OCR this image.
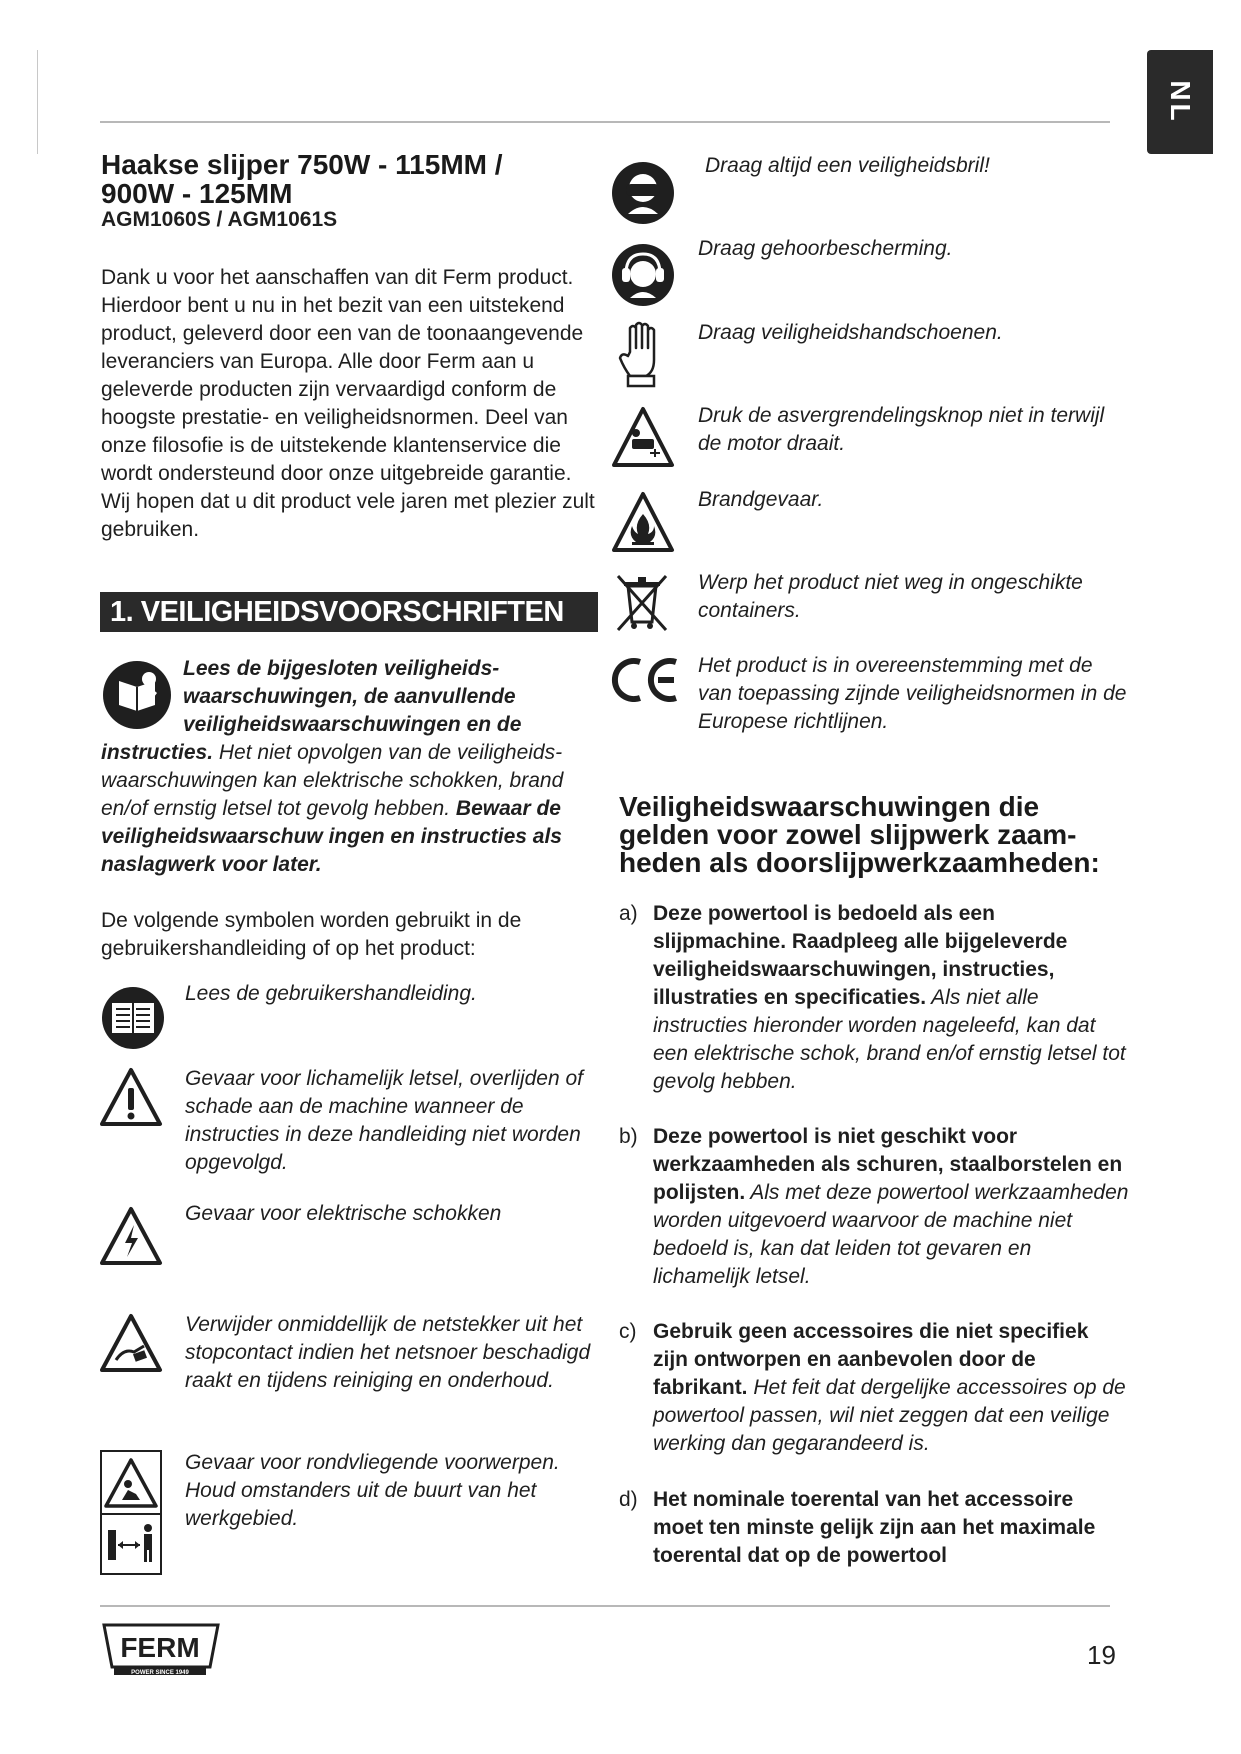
NL
Haakse slijper 750W - 115MM / 900W - 125MM

AGM1060S / AGM1061S

Dank u voor het aanschaffen van dit Ferm product. Hierdoor bent u nu in het bezit van een uitstekend product, geleverd door een van de toonaangevende leveranciers van Europa. Alle door Ferm aan u geleverde producten zijn vervaardigd conform de hoogste prestatie- en veiligheidsnormen. Deel van onze filosofie is de uitstekende klantenservice die wordt ondersteund door onze uitgebreide garantie. Wij hopen dat u dit product vele jaren met plezier zult gebruiken.

1. VEILIGHEIDSVOORSCHRIFTEN

Lees de bijgesloten veiligheids-waarschuwingen, de aanvullende veiligheidswaarschuwingen en de instructies. Het niet opvolgen van de veiligheids-waarschuwingen kan elektrische schokken, brand en/of ernstig letsel tot gevolg hebben. Bewaar de veiligheidswaarschuw ingen en instructies als naslagwerk voor later.

De volgende symbolen worden gebruikt in de gebruikershandleiding of op het product:

Lees de gebruikershandleiding.

Gevaar voor lichamelijk letsel, overlijden of schade aan de machine wanneer de instructies in deze handleiding niet worden opgevolgd.

Gevaar voor elektrische schokken

Verwijder onmiddellijk de netstekker uit het stopcontact indien het netsnoer beschadigd raakt en tijdens reiniging en onderhoud.

Gevaar voor rondvliegende voorwerpen. Houd omstanders uit de buurt van het werkgebied.

Draag altijd een veiligheidsbril!

Draag gehoorbescherming.

Draag veiligheidshandschoenen.

Druk de asvergrendelingsknop niet in terwijl de motor draait.

Brandgevaar.

Werp het product niet weg in ongeschikte containers.

Het product is in overeenstemming met de van toepassing zijnde veiligheidsnormen in de Europese richtlijnen.

Veiligheidswaarschuwingen die gelden voor zowel slijpwerk zaam-heden als doorslijpwerkzaamheden:
a) Deze powertool is bedoeld als een slijpmachine. Raadpleeg alle bijgeleverde veiligheidswaarschuwingen, instructies, illustraties en specificaties. Als niet alle instructies hieronder worden nageleefd, kan dat een elektrische schok, brand en/of ernstig letsel tot gevolg hebben.

b) Deze powertool is niet geschikt voor werkzaamheden als schuren, staalborstelen en polijsten. Als met deze powertool werkzaamheden worden uitgevoerd waarvoor de machine niet bedoeld is, kan dat leiden tot gevaren en lichamelijk letsel.

c) Gebruik geen accessoires die niet specifiek zijn ontworpen en aanbevolen door de fabrikant. Het feit dat dergelijke accessoires op de powertool passen, wil niet zeggen dat een veilige werking dan gegarandeerd is.

d) Het nominale toerental van het accessoire moet ten minste gelijk zijn aan het maximale toerental dat op de powertool

FERM
POWER SINCE 1949
19
